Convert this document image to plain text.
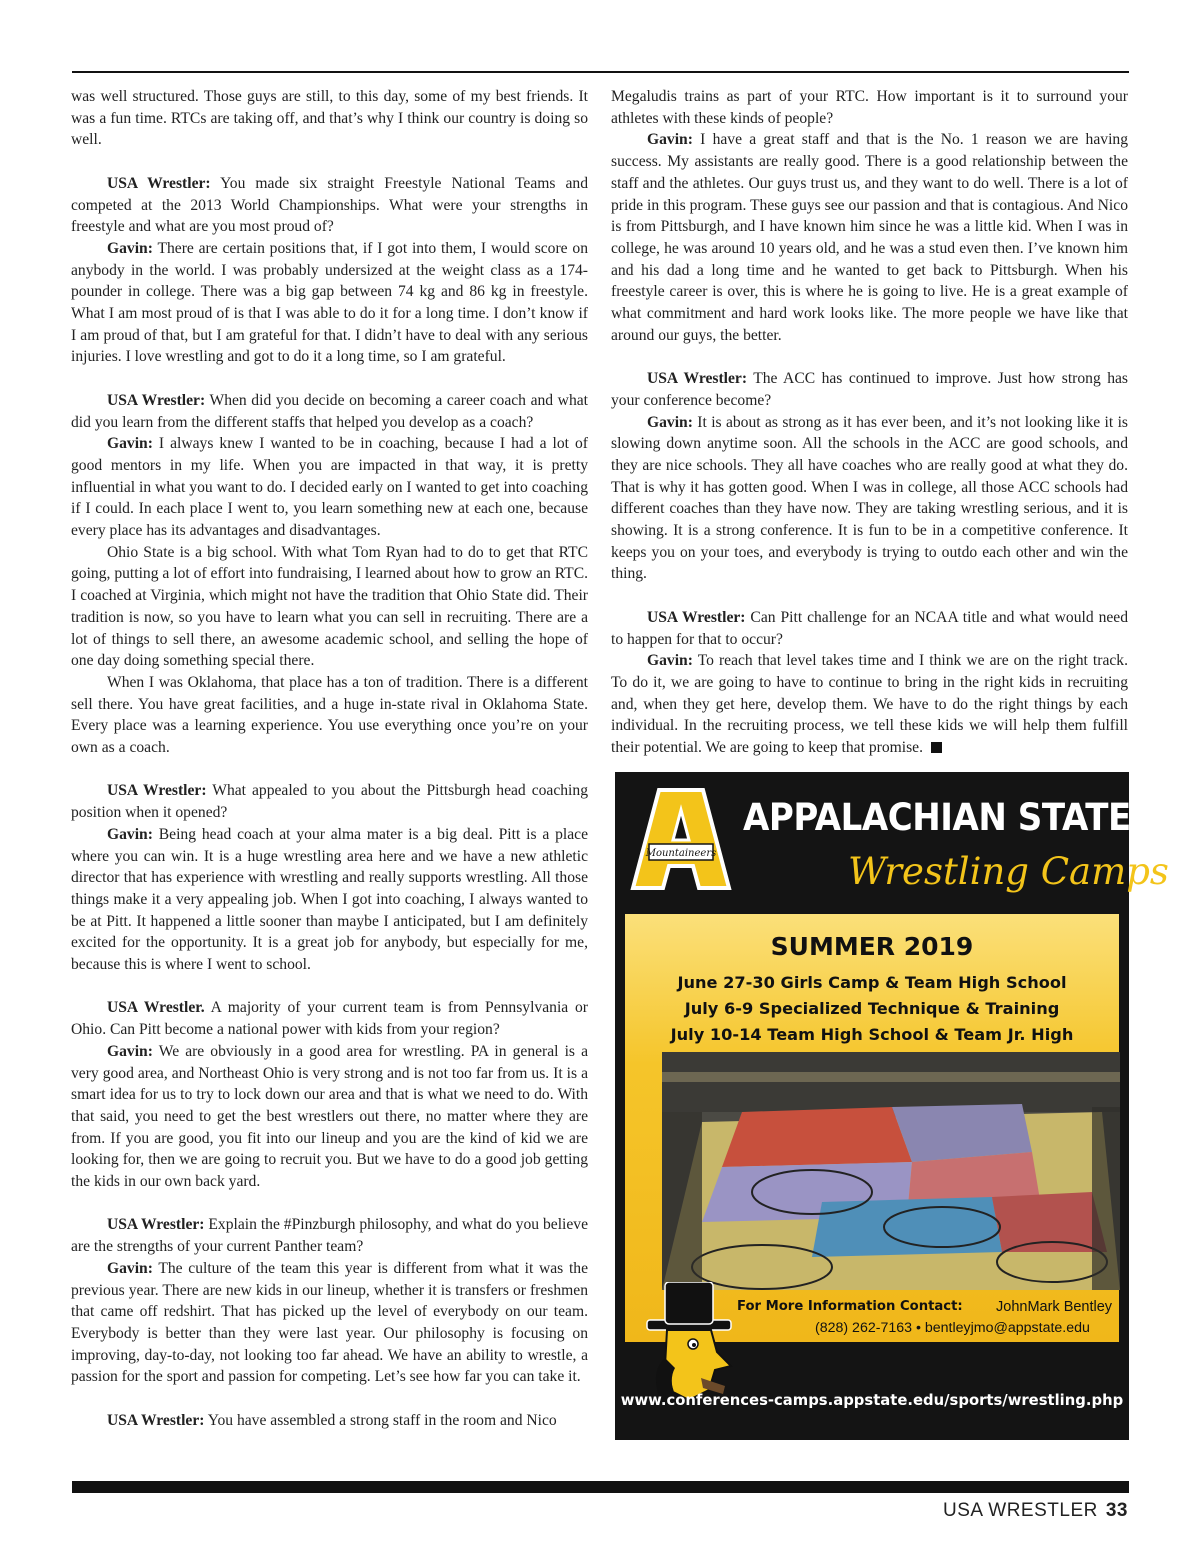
was well structured. Those guys are still, to this day, some of my best friends. It was a fun time. RTCs are taking off, and that’s why I think our country is doing so well.

USA Wrestler: You made six straight Freestyle National Teams and competed at the 2013 World Championships. What were your strengths in freestyle and what are you most proud of?

Gavin: There are certain positions that, if I got into them, I would score on anybody in the world. I was probably undersized at the weight class as a 174-pounder in college. There was a big gap between 74 kg and 86 kg in freestyle. What I am most proud of is that I was able to do it for a long time. I don’t know if I am proud of that, but I am grateful for that. I didn’t have to deal with any serious injuries. I love wrestling and got to do it a long time, so I am grateful.

USA Wrestler: When did you decide on becoming a career coach and what did you learn from the different staffs that helped you develop as a coach?

Gavin: I always knew I wanted to be in coaching, because I had a lot of good mentors in my life. When you are impacted in that way, it is pretty influential in what you want to do. I decided early on I wanted to get into coaching if I could. In each place I went to, you learn something new at each one, because every place has its advantages and disadvantages.

Ohio State is a big school. With what Tom Ryan had to do to get that RTC going, putting a lot of effort into fundraising, I learned about how to grow an RTC. I coached at Virginia, which might not have the tradition that Ohio State did. Their tradition is now, so you have to learn what you can sell in recruiting. There are a lot of things to sell there, an awesome academic school, and selling the hope of one day doing something special there.

When I was Oklahoma, that place has a ton of tradition. There is a different sell there. You have great facilities, and a huge in-state rival in Oklahoma State. Every place was a learning experience. You use everything once you’re on your own as a coach.

USA Wrestler: What appealed to you about the Pittsburgh head coaching position when it opened?

Gavin: Being head coach at your alma mater is a big deal. Pitt is a place where you can win. It is a huge wrestling area here and we have a new athletic director that has experience with wrestling and really supports wrestling. All those things make it a very appealing job. When I got into coaching, I always wanted to be at Pitt. It happened a little sooner than maybe I anticipated, but I am definitely excited for the opportunity. It is a great job for anybody, but especially for me, because this is where I went to school.

USA Wrestler. A majority of your current team is from Pennsylvania or Ohio. Can Pitt become a national power with kids from your region?

Gavin: We are obviously in a good area for wrestling. PA in general is a very good area, and Northeast Ohio is very strong and is not too far from us. It is a smart idea for us to try to lock down our area and that is what we need to do. With that said, you need to get the best wrestlers out there, no matter where they are from. If you are good, you fit into our lineup and you are the kind of kid we are looking for, then we are going to recruit you. But we have to do a good job getting the kids in our own back yard.

USA Wrestler: Explain the #Pinzburgh philosophy, and what do you believe are the strengths of your current Panther team?

Gavin: The culture of the team this year is different from what it was the previous year. There are new kids in our lineup, whether it is transfers or freshmen that came off redshirt. That has picked up the level of everybody on our team. Everybody is better than they were last year. Our philosophy is focusing on improving, day-to-day, not looking too far ahead. We have an ability to wrestle, a passion for the sport and passion for competing. Let’s see how far you can take it.

USA Wrestler: You have assembled a strong staff in the room and Nico

Megaludis trains as part of your RTC. How important is it to surround your athletes with these kinds of people?

Gavin: I have a great staff and that is the No. 1 reason we are having success. My assistants are really good. There is a good relationship between the staff and the athletes. Our guys trust us, and they want to do well. There is a lot of pride in this program. These guys see our passion and that is contagious. And Nico is from Pittsburgh, and I have known him since he was a little kid. When I was in college, he was around 10 years old, and he was a stud even then. I’ve known him and his dad a long time and he wanted to get back to Pittsburgh. When his freestyle career is over, this is where he is going to live. He is a great example of what commitment and hard work looks like. The more people we have like that around our guys, the better.

USA Wrestler: The ACC has continued to improve. Just how strong has your conference become?

Gavin: It is about as strong as it has ever been, and it’s not looking like it is slowing down anytime soon. All the schools in the ACC are good schools, and they are nice schools. They all have coaches who are really good at what they do. That is why it has gotten good. When I was in college, all those ACC schools had different coaches than they have now. They are taking wrestling serious, and it is showing. It is a strong conference. It is fun to be in a competitive conference. It keeps you on your toes, and everybody is trying to outdo each other and win the thing.

USA Wrestler: Can Pitt challenge for an NCAA title and what would need to happen for that to occur?

Gavin: To reach that level takes time and I think we are on the right track. To do it, we are going to have to continue to bring in the right kids in recruiting and, when they get here, develop them. We have to do the right things by each individual. In the recruiting process, we tell these kids we will help them fulfill their potential. We are going to keep that promise.

Mountaineers
APPALACHIAN STATE
Wrestling Camps
SUMMER 2019
June 27-30 Girls Camp & Team High School
July 6-9 Specialized Technique & Training
July 10-14 Team High School & Team Jr. High
For More Information Contact: JohnMark Bentley
(828) 262-7163 • bentleyjmo@appstate.edu
www.conferences-camps.appstate.edu/sports/wrestling.php
USA WRESTLER 33
